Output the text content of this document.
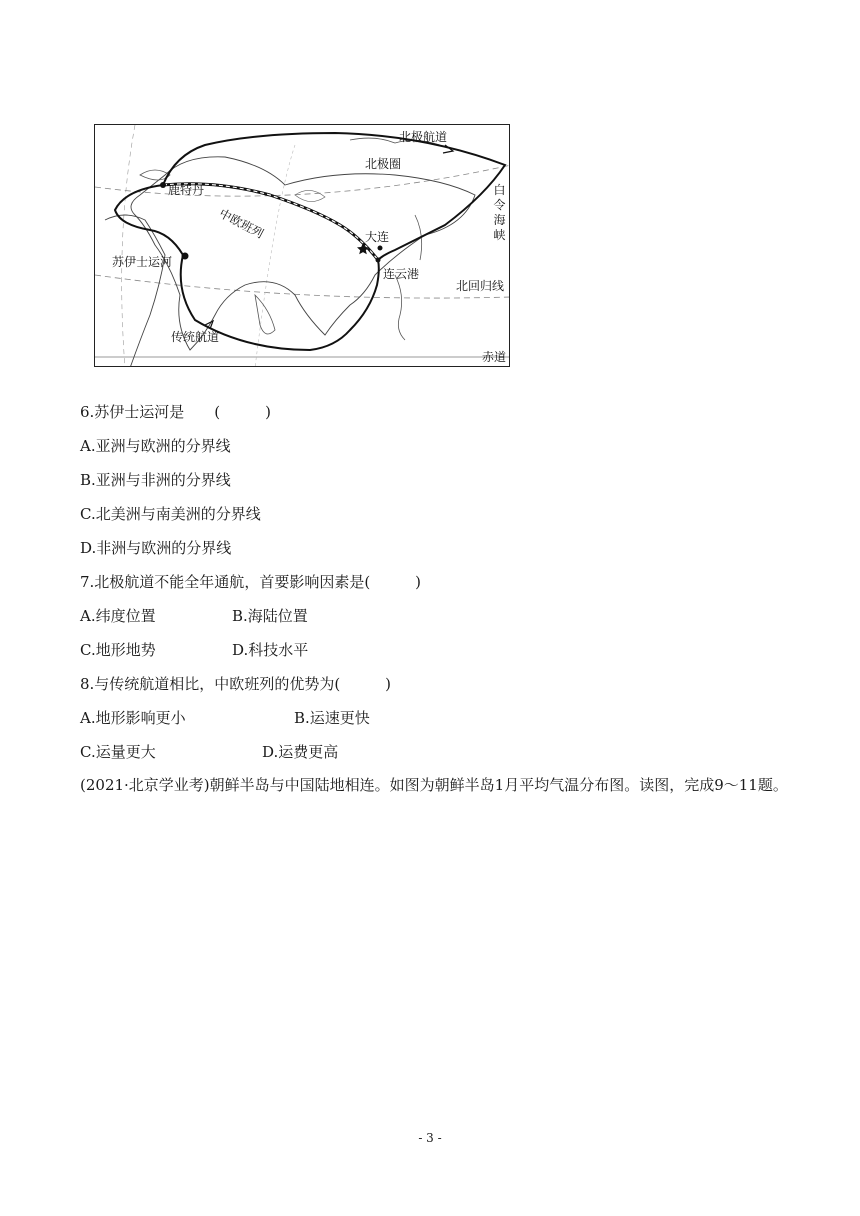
北极航道
北极圈
鹿特丹
中欧班列	大连
苏伊士运河
连云港
北回归线
传统航道
赤道
白令海峡
6.苏伊士运河是　　(　　　)
A.亚洲与欧洲的分界线
B.亚洲与非洲的分界线
C.北美洲与南美洲的分界线
D.非洲与欧洲的分界线
7.北极航道不能全年通航，首要影响因素是(　　　)
A.纬度位置	B.海陆位置
C.地形地势	D.科技水平
8.与传统航道相比，中欧班列的优势为(　　　)
A.地形影响更小	B.运速更快
C.运量更大	D.运费更高
(2021·北京学业考)朝鲜半岛与中国陆地相连。如图为朝鲜半岛1月平均气温分布图。读图，完成9～11题。
- 3 -
